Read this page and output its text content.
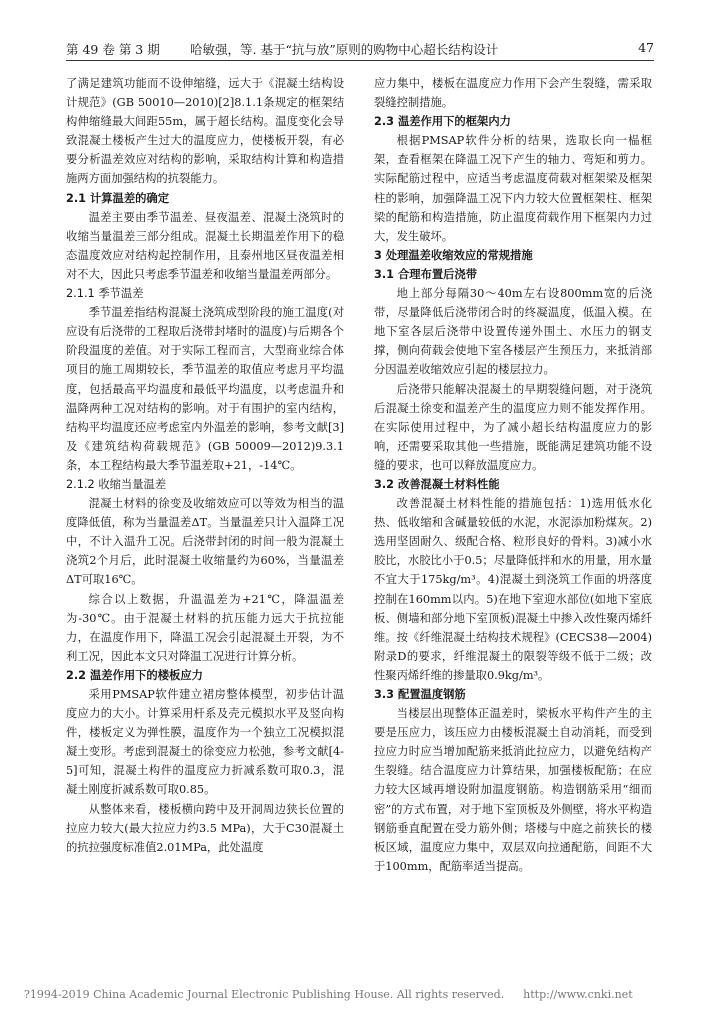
第 49 卷 第 3 期 哈敏强，等. 基于“抗与放”原则的购物中心超长结构设计	47

了满足建筑功能而不设伸缩缝，远大于《混凝土结构设计规范》(GB 50010—2010)[2]8.1.1条规定的框架结构伸缩缝最大间距55m，属于超长结构。温度变化会导致混凝土楼板产生过大的温度应力，使楼板开裂，有必要分析温差效应对结构的影响，采取结构计算和构造措施两方面加强结构的抗裂能力。

2.1 计算温差的确定

温差主要由季节温差、昼夜温差、混凝土浇筑时的收缩当量温差三部分组成。混凝土长期温差作用下的稳态温度效应对结构起控制作用，且泰州地区昼夜温差相对不大，因此只考虑季节温差和收缩当量温差两部分。

2.1.1 季节温差

季节温差指结构混凝土浇筑成型阶段的施工温度(对应设有后浇带的工程取后浇带封堵时的温度)与后期各个阶段温度的差值。对于实际工程而言，大型商业综合体项目的施工周期较长，季节温差的取值应考虑月平均温度，包括最高平均温度和最低平均温度，以考虑温升和温降两种工况对结构的影响。对于有围护的室内结构，结构平均温度还应考虑室内外温差的影响，参考文献[3]及《建筑结构荷载规范》(GB 50009—2012)9.3.1条，本工程结构最大季节温差取+21，-14℃。

2.1.2 收缩当量温差

混凝土材料的徐变及收缩效应可以等效为相当的温度降低值，称为当量温差ΔT。当量温差只计入温降工况中，不计入温升工况。后浇带封闭的时间一般为混凝土浇筑2个月后，此时混凝土收缩量约为60%，当量温差ΔT可取16℃。

综合以上数据，升温温差为+21℃，降温温差为-30℃。由于混凝土材料的抗压能力远大于抗拉能力，在温度作用下，降温工况会引起混凝土开裂，为不利工况，因此本文只对降温工况进行计算分析。

2.2 温差作用下的楼板应力

采用PMSAP软件建立裙房整体模型，初步估计温度应力的大小。计算采用杆系及壳元模拟水平及竖向构件，楼板定义为弹性膜，温度作为一个独立工况模拟混凝土变形。考虑到混凝土的徐变应力松弛，参考文献[4-5]可知，混凝土构件的温度应力折减系数可取0.3，混凝土刚度折减系数可取0.85。

从整体来看，楼板横向跨中及开洞周边狭长位置的拉应力较大(最大拉应力约3.5 MPa)，大于C30混凝土的抗拉强度标准值2.01MPa，此处温度

应力集中，楼板在温度应力作用下会产生裂缝，需采取裂缝控制措施。

2.3 温差作用下的框架内力

根据PMSAP软件分析的结果，选取长向一榀框架，查看框架在降温工况下产生的轴力、弯矩和剪力。实际配筋过程中，应适当考虑温度荷载对框架梁及框架柱的影响，加强降温工况下内力较大位置框架柱、框架梁的配筋和构造措施，防止温度荷载作用下框架内力过大，发生破坏。

3 处理温差收缩效应的常规措施

3.1 合理布置后浇带

地上部分每隔30～40m左右设800mm宽的后浇带，尽量降低后浇带闭合时的终凝温度，低温入模。在地下室各层后浇带中设置传递外围土、水压力的钢支撑，侧向荷载会使地下室各楼层产生预压力，来抵消部分因温差收缩效应引起的楼层拉力。

后浇带只能解决混凝土的早期裂缝问题，对于浇筑后混凝土徐变和温差产生的温度应力则不能发挥作用。在实际使用过程中，为了减小超长结构温度应力的影响，还需要采取其他一些措施，既能满足建筑功能不设缝的要求，也可以释放温度应力。

3.2 改善混凝土材料性能

改善混凝土材料性能的措施包括：1)选用低水化热、低收缩和含碱量较低的水泥，水泥添加粉煤灰。2)选用坚固耐久、级配合格、粒形良好的骨料。3)减小水胶比，水胶比小于0.5；尽量降低拌和水的用量，用水量不宜大于175kg/m³。4)混凝土到浇筑工作面的坍落度控制在160mm以内。5)在地下室迎水部位(如地下室底板、侧墙和部分地下室顶板)混凝土中掺入改性聚丙烯纤维。按《纤维混凝土结构技术规程》(CECS38—2004)附录D的要求，纤维混凝土的限裂等级不低于二级；改性聚丙烯纤维的掺量取0.9kg/m³。

3.3 配置温度钢筋

当楼层出现整体正温差时，梁板水平构件产生的主要是压应力，该压应力由楼板混凝土自动消耗，而受到拉应力时应当增加配筋来抵消此拉应力，以避免结构产生裂缝。结合温度应力计算结果，加强楼板配筋；在应力较大区域再增设附加温度钢筋。构造钢筋采用“细而密”的方式布置，对于地下室顶板及外侧壁，将水平构造钢筋垂直配置在受力筋外侧；塔楼与中庭之前狭长的楼板区域，温度应力集中，双层双向拉通配筋，间距不大于100mm，配筋率适当提高。

?1994-2019 China Academic Journal Electronic Publishing House. All rights reserved. http://www.cnki.net
